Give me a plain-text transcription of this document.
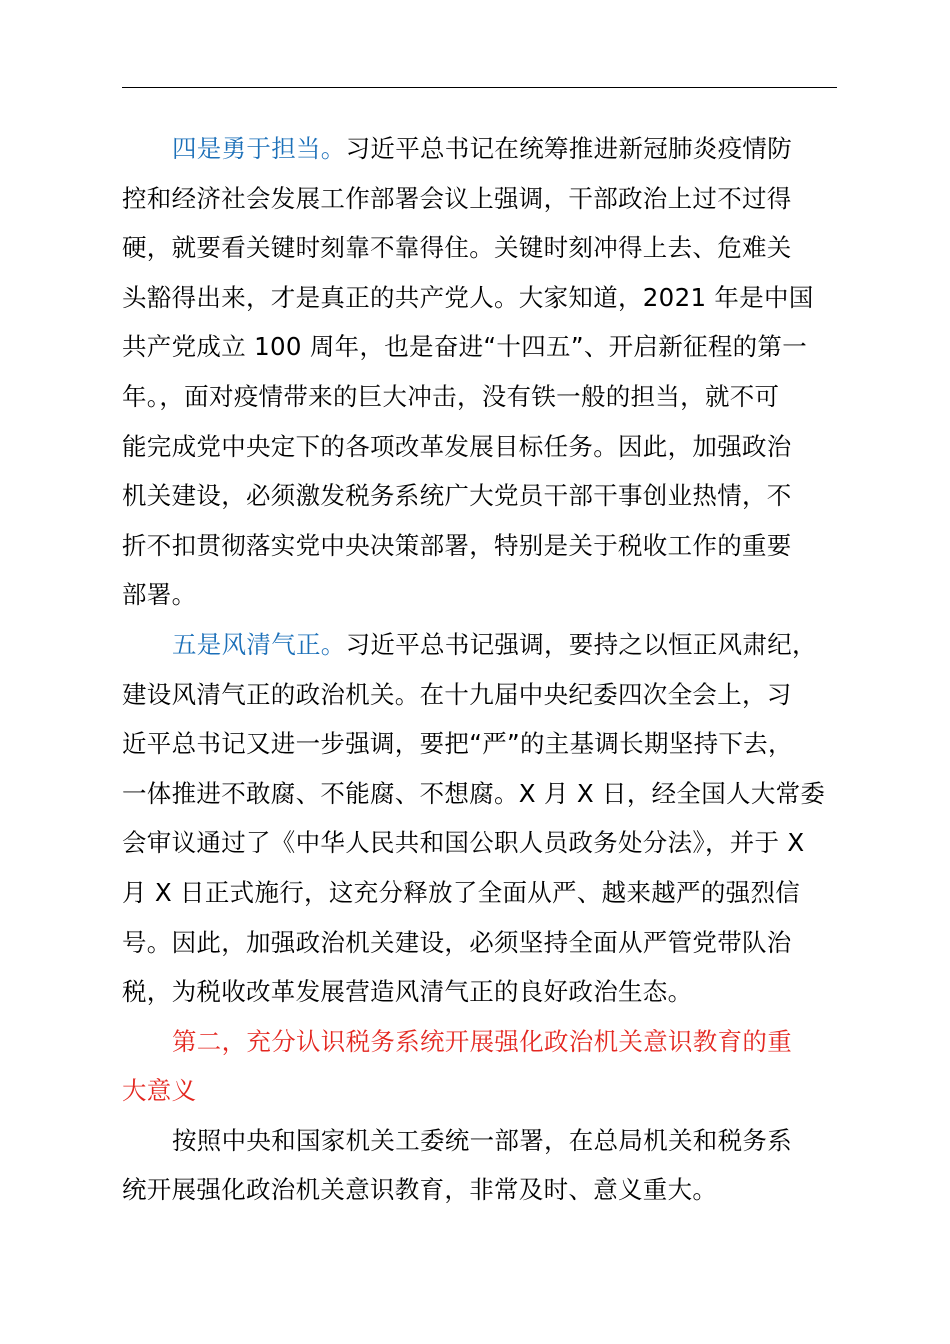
四是勇于担当。习近平总书记在统筹推进新冠肺炎疫情防
控和经济社会发展工作部署会议上强调，干部政治上过不过得
硬，就要看关键时刻靠不靠得住。关键时刻冲得上去、危难关
头豁得出来，才是真正的共产党人。大家知道，2021 年是中国
共产党成立 100 周年，也是奋进“十四五”、开启新征程的第一
年。，面对疫情带来的巨大冲击，没有铁一般的担当，就不可
能完成党中央定下的各项改革发展目标任务。因此，加强政治
机关建设，必须激发税务系统广大党员干部干事创业热情，不
折不扣贯彻落实党中央决策部署，特别是关于税收工作的重要
部署。

五是风清气正。习近平总书记强调，要持之以恒正风肃纪，
建设风清气正的政治机关。在十九届中央纪委四次全会上，习
近平总书记又进一步强调，要把“严”的主基调长期坚持下去，
一体推进不敢腐、不能腐、不想腐。X 月 X 日，经全国人大常委
会审议通过了《中华人民共和国公职人员政务处分法》，并于 X
月 X 日正式施行，这充分释放了全面从严、越来越严的强烈信
号。因此，加强政治机关建设，必须坚持全面从严管党带队治
税，为税收改革发展营造风清气正的良好政治生态。

第二，充分认识税务系统开展强化政治机关意识教育的重
大意义

按照中央和国家机关工委统一部署，在总局机关和税务系
统开展强化政治机关意识教育，非常及时、意义重大。
